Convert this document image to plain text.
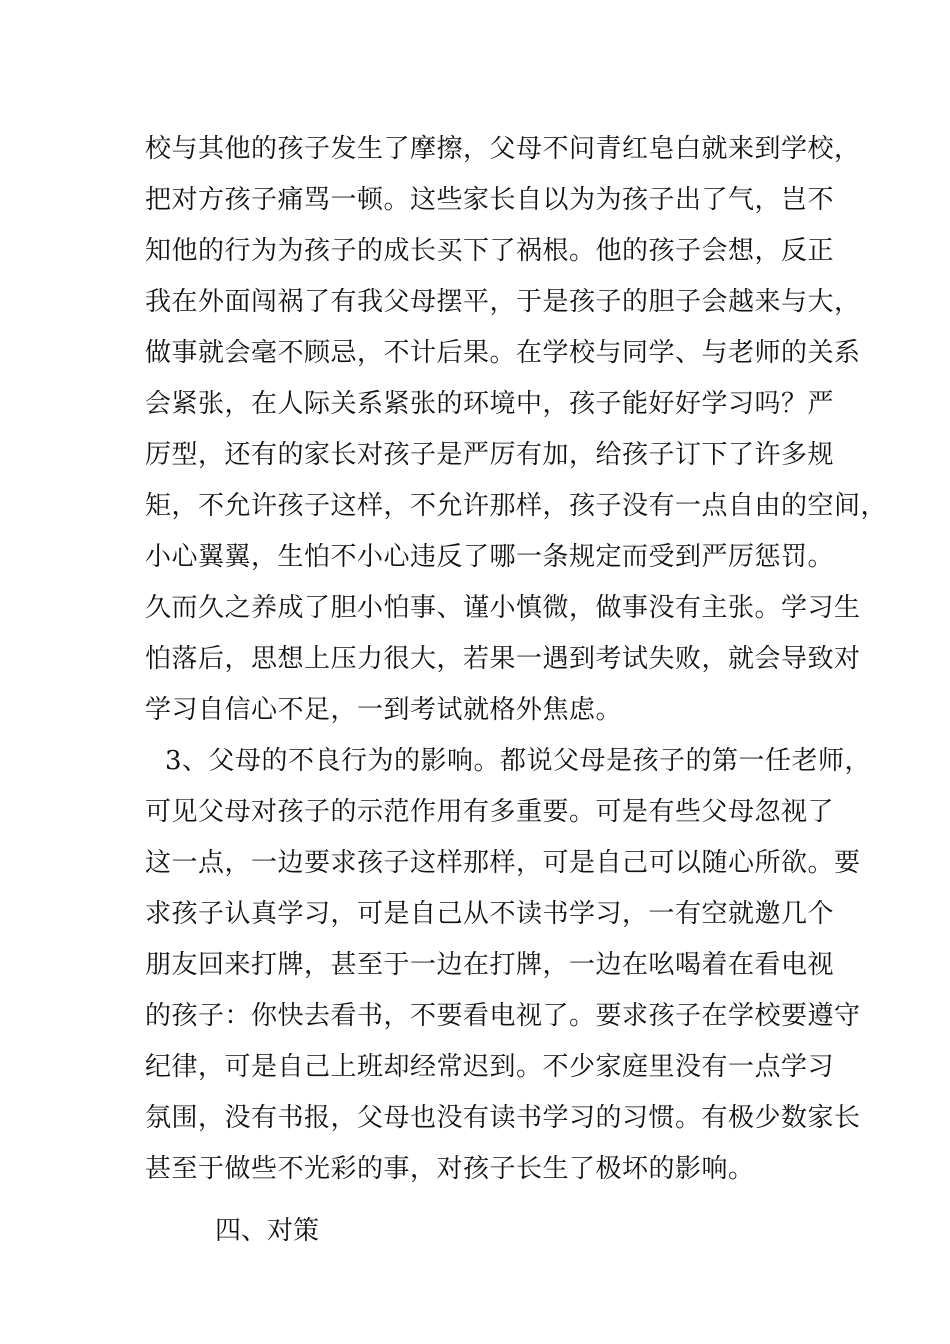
校与其他的孩子发生了摩擦，父母不问青红皂白就来到学校，
把对方孩子痛骂一顿。这些家长自以为为孩子出了气，岂不
知他的行为为孩子的成长买下了祸根。他的孩子会想，反正
我在外面闯祸了有我父母摆平，于是孩子的胆子会越来与大，
做事就会毫不顾忌，不计后果。在学校与同学、与老师的关系
会紧张，在人际关系紧张的环境中，孩子能好好学习吗？严
厉型，还有的家长对孩子是严厉有加，给孩子订下了许多规
矩，不允许孩子这样，不允许那样，孩子没有一点自由的空间，
小心翼翼，生怕不小心违反了哪一条规定而受到严厉惩罚。
久而久之养成了胆小怕事、谨小慎微，做事没有主张。学习生
怕落后，思想上压力很大，若果一遇到考试失败，就会导致对
学习自信心不足，一到考试就格外焦虑。
3、父母的不良行为的影响。都说父母是孩子的第一任老师，
可见父母对孩子的示范作用有多重要。可是有些父母忽视了
这一点，一边要求孩子这样那样，可是自己可以随心所欲。要
求孩子认真学习，可是自己从不读书学习，一有空就邀几个
朋友回来打牌，甚至于一边在打牌，一边在吆喝着在看电视
的孩子：你快去看书，不要看电视了。要求孩子在学校要遵守
纪律，可是自己上班却经常迟到。不少家庭里没有一点学习
氛围，没有书报，父母也没有读书学习的习惯。有极少数家长
甚至于做些不光彩的事，对孩子长生了极坏的影响。
四、对策
